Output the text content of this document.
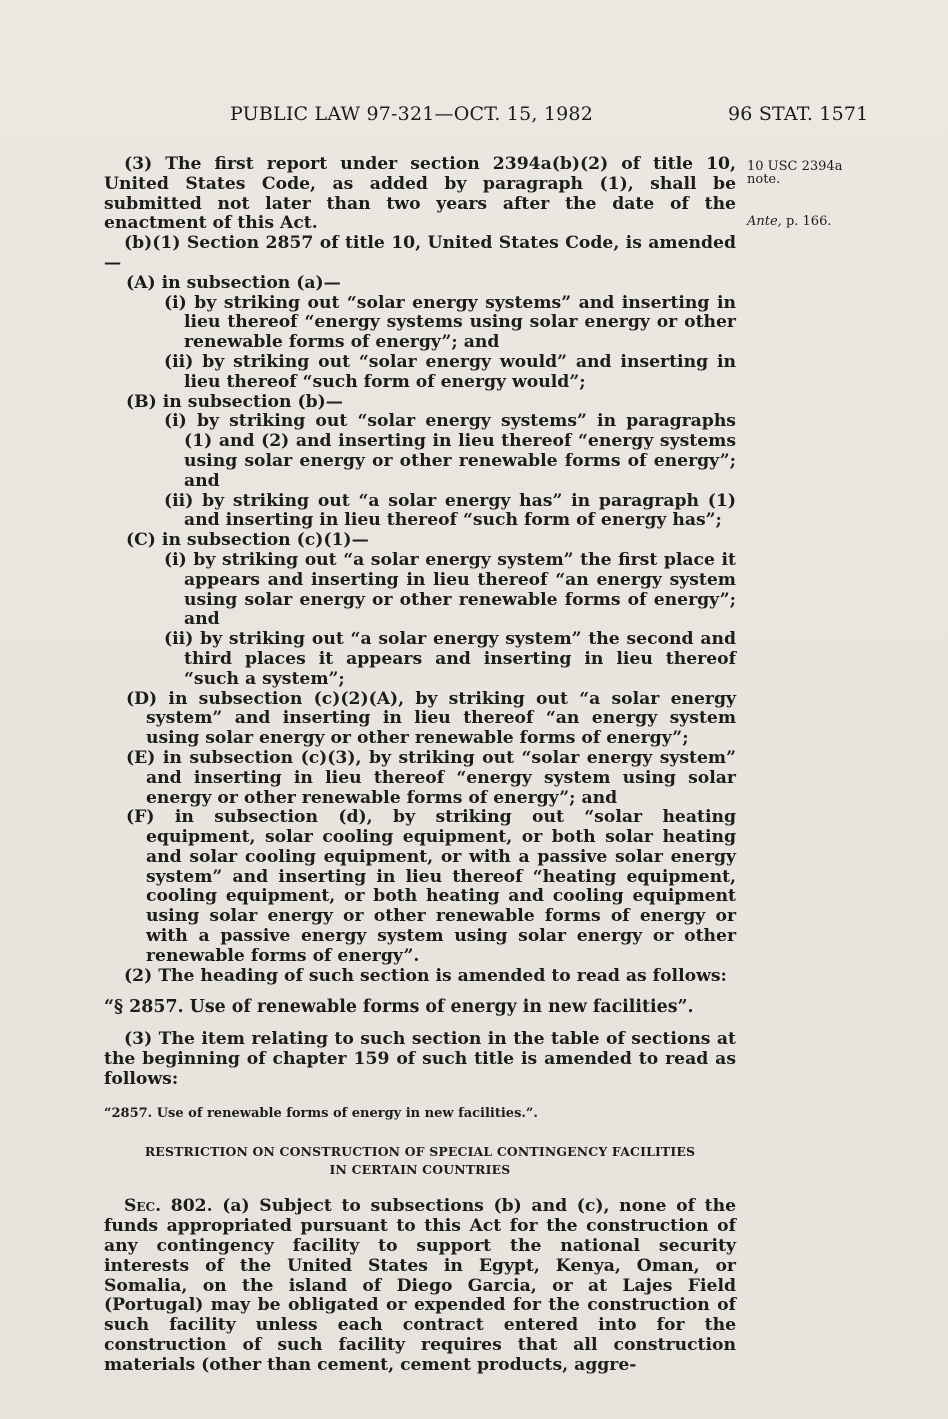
PUBLIC LAW 97-321—OCT. 15, 1982	96 STAT. 1571
10 USC 2394a note.
Ante, p. 166.

(3) The first report under section 2394a(b)(2) of title 10, United States Code, as added by paragraph (1), shall be submitted not later than two years after the date of the enactment of this Act.

(b)(1) Section 2857 of title 10, United States Code, is amended—

(A) in subsection (a)—

(i) by striking out “solar energy systems” and inserting in lieu thereof “energy systems using solar energy or other renewable forms of energy”; and

(ii) by striking out “solar energy would” and inserting in lieu thereof “such form of energy would”;

(B) in subsection (b)—

(i) by striking out “solar energy systems” in paragraphs (1) and (2) and inserting in lieu thereof “energy systems using solar energy or other renewable forms of energy”; and

(ii) by striking out “a solar energy has” in paragraph (1) and inserting in lieu thereof “such form of energy has”;

(C) in subsection (c)(1)—

(i) by striking out “a solar energy system” the first place it appears and inserting in lieu thereof “an energy system using solar energy or other renewable forms of energy”; and

(ii) by striking out “a solar energy system” the second and third places it appears and inserting in lieu thereof “such a system”;

(D) in subsection (c)(2)(A), by striking out “a solar energy system” and inserting in lieu thereof “an energy system using solar energy or other renewable forms of energy”;

(E) in subsection (c)(3), by striking out “solar energy system” and inserting in lieu thereof “energy system using solar energy or other renewable forms of energy”; and

(F) in subsection (d), by striking out “solar heating equipment, solar cooling equipment, or both solar heating and solar cooling equipment, or with a passive solar energy system” and inserting in lieu thereof “heating equipment, cooling equipment, or both heating and cooling equipment using solar energy or other renewable forms of energy or with a passive energy system using solar energy or other renewable forms of energy”.

(2) The heading of such section is amended to read as follows:

“§ 2857. Use of renewable forms of energy in new facilities”.

(3) The item relating to such section in the table of sections at the beginning of chapter 159 of such title is amended to read as follows:

“2857. Use of renewable forms of energy in new facilities.”.

RESTRICTION ON CONSTRUCTION OF SPECIAL CONTINGENCY FACILITIES
IN CERTAIN COUNTRIES

Sec. 802. (a) Subject to subsections (b) and (c), none of the funds appropriated pursuant to this Act for the construction of any contingency facility to support the national security interests of the United States in Egypt, Kenya, Oman, or Somalia, on the island of Diego Garcia, or at Lajes Field (Portugal) may be obligated or expended for the construction of such facility unless each contract entered into for the construction of such facility requires that all construction materials (other than cement, cement products, aggre-
